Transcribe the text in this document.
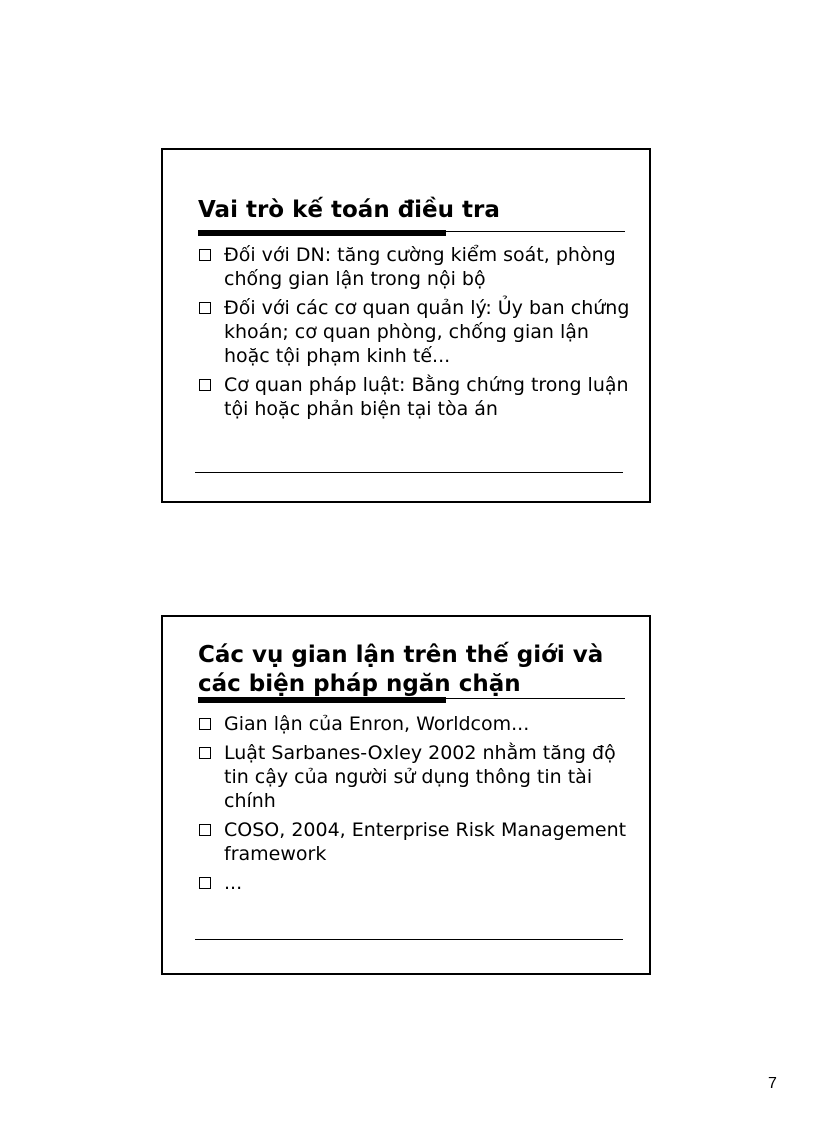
Vai trò kế toán điều tra
Đối với DN: tăng cường kiểm soát, phòng chống gian lận trong nội bộ
Đối với các cơ quan quản lý: Ủy ban chứng khoán; cơ quan phòng, chống gian lận hoặc tội phạm kinh tế...
Cơ quan pháp luật: Bằng chứng trong luận tội hoặc phản biện tại tòa án
Các vụ gian lận trên thế giới và các biện pháp ngăn chặn
Gian lận của Enron, Worldcom...
Luật Sarbanes-Oxley 2002 nhằm tăng độ tin cậy của người sử dụng thông tin tài chính
COSO, 2004, Enterprise Risk Management framework
...
7
